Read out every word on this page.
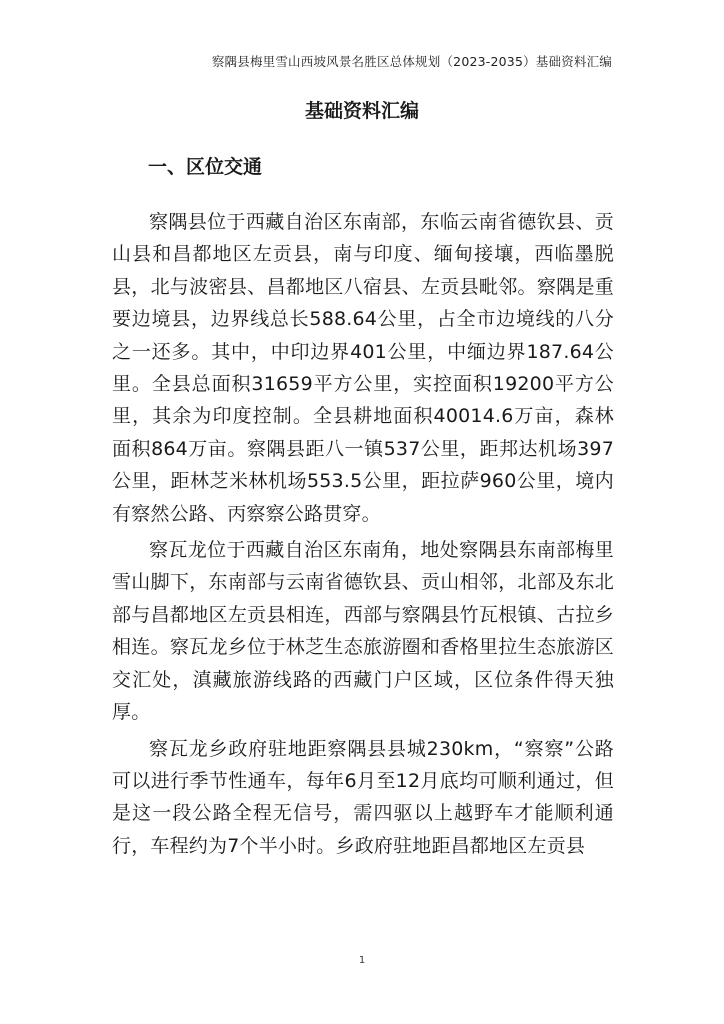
察隅县梅里雪山西坡风景名胜区总体规划（2023-2035）基础资料汇编
基础资料汇编
一、区位交通

察隅县位于西藏自治区东南部，东临云南省德钦县、贡山县和昌都地区左贡县，南与印度、缅甸接壤，西临墨脱县，北与波密县、昌都地区八宿县、左贡县毗邻。察隅是重要边境县，边界线总长588.64公里，占全市边境线的八分之一还多。其中，中印边界401公里，中缅边界187.64公里。全县总面积31659平方公里，实控面积19200平方公里，其余为印度控制。全县耕地面积40014.6万亩，森林面积864万亩。察隅县距八一镇537公里，距邦达机场397公里，距林芝米林机场553.5公里，距拉萨960公里，境内有察然公路、丙察察公路贯穿。

察瓦龙位于西藏自治区东南角，地处察隅县东南部梅里雪山脚下，东南部与云南省德钦县、贡山相邻，北部及东北部与昌都地区左贡县相连，西部与察隅县竹瓦根镇、古拉乡相连。察瓦龙乡位于林芝生态旅游圈和香格里拉生态旅游区交汇处，滇藏旅游线路的西藏门户区域，区位条件得天独厚。

察瓦龙乡政府驻地距察隅县县城230km，“察察”公路可以进行季节性通车，每年6月至12月底均可顺利通过，但是这一段公路全程无信号，需四驱以上越野车才能顺利通行，车程约为7个半小时。乡政府驻地距昌都地区左贡县

1
